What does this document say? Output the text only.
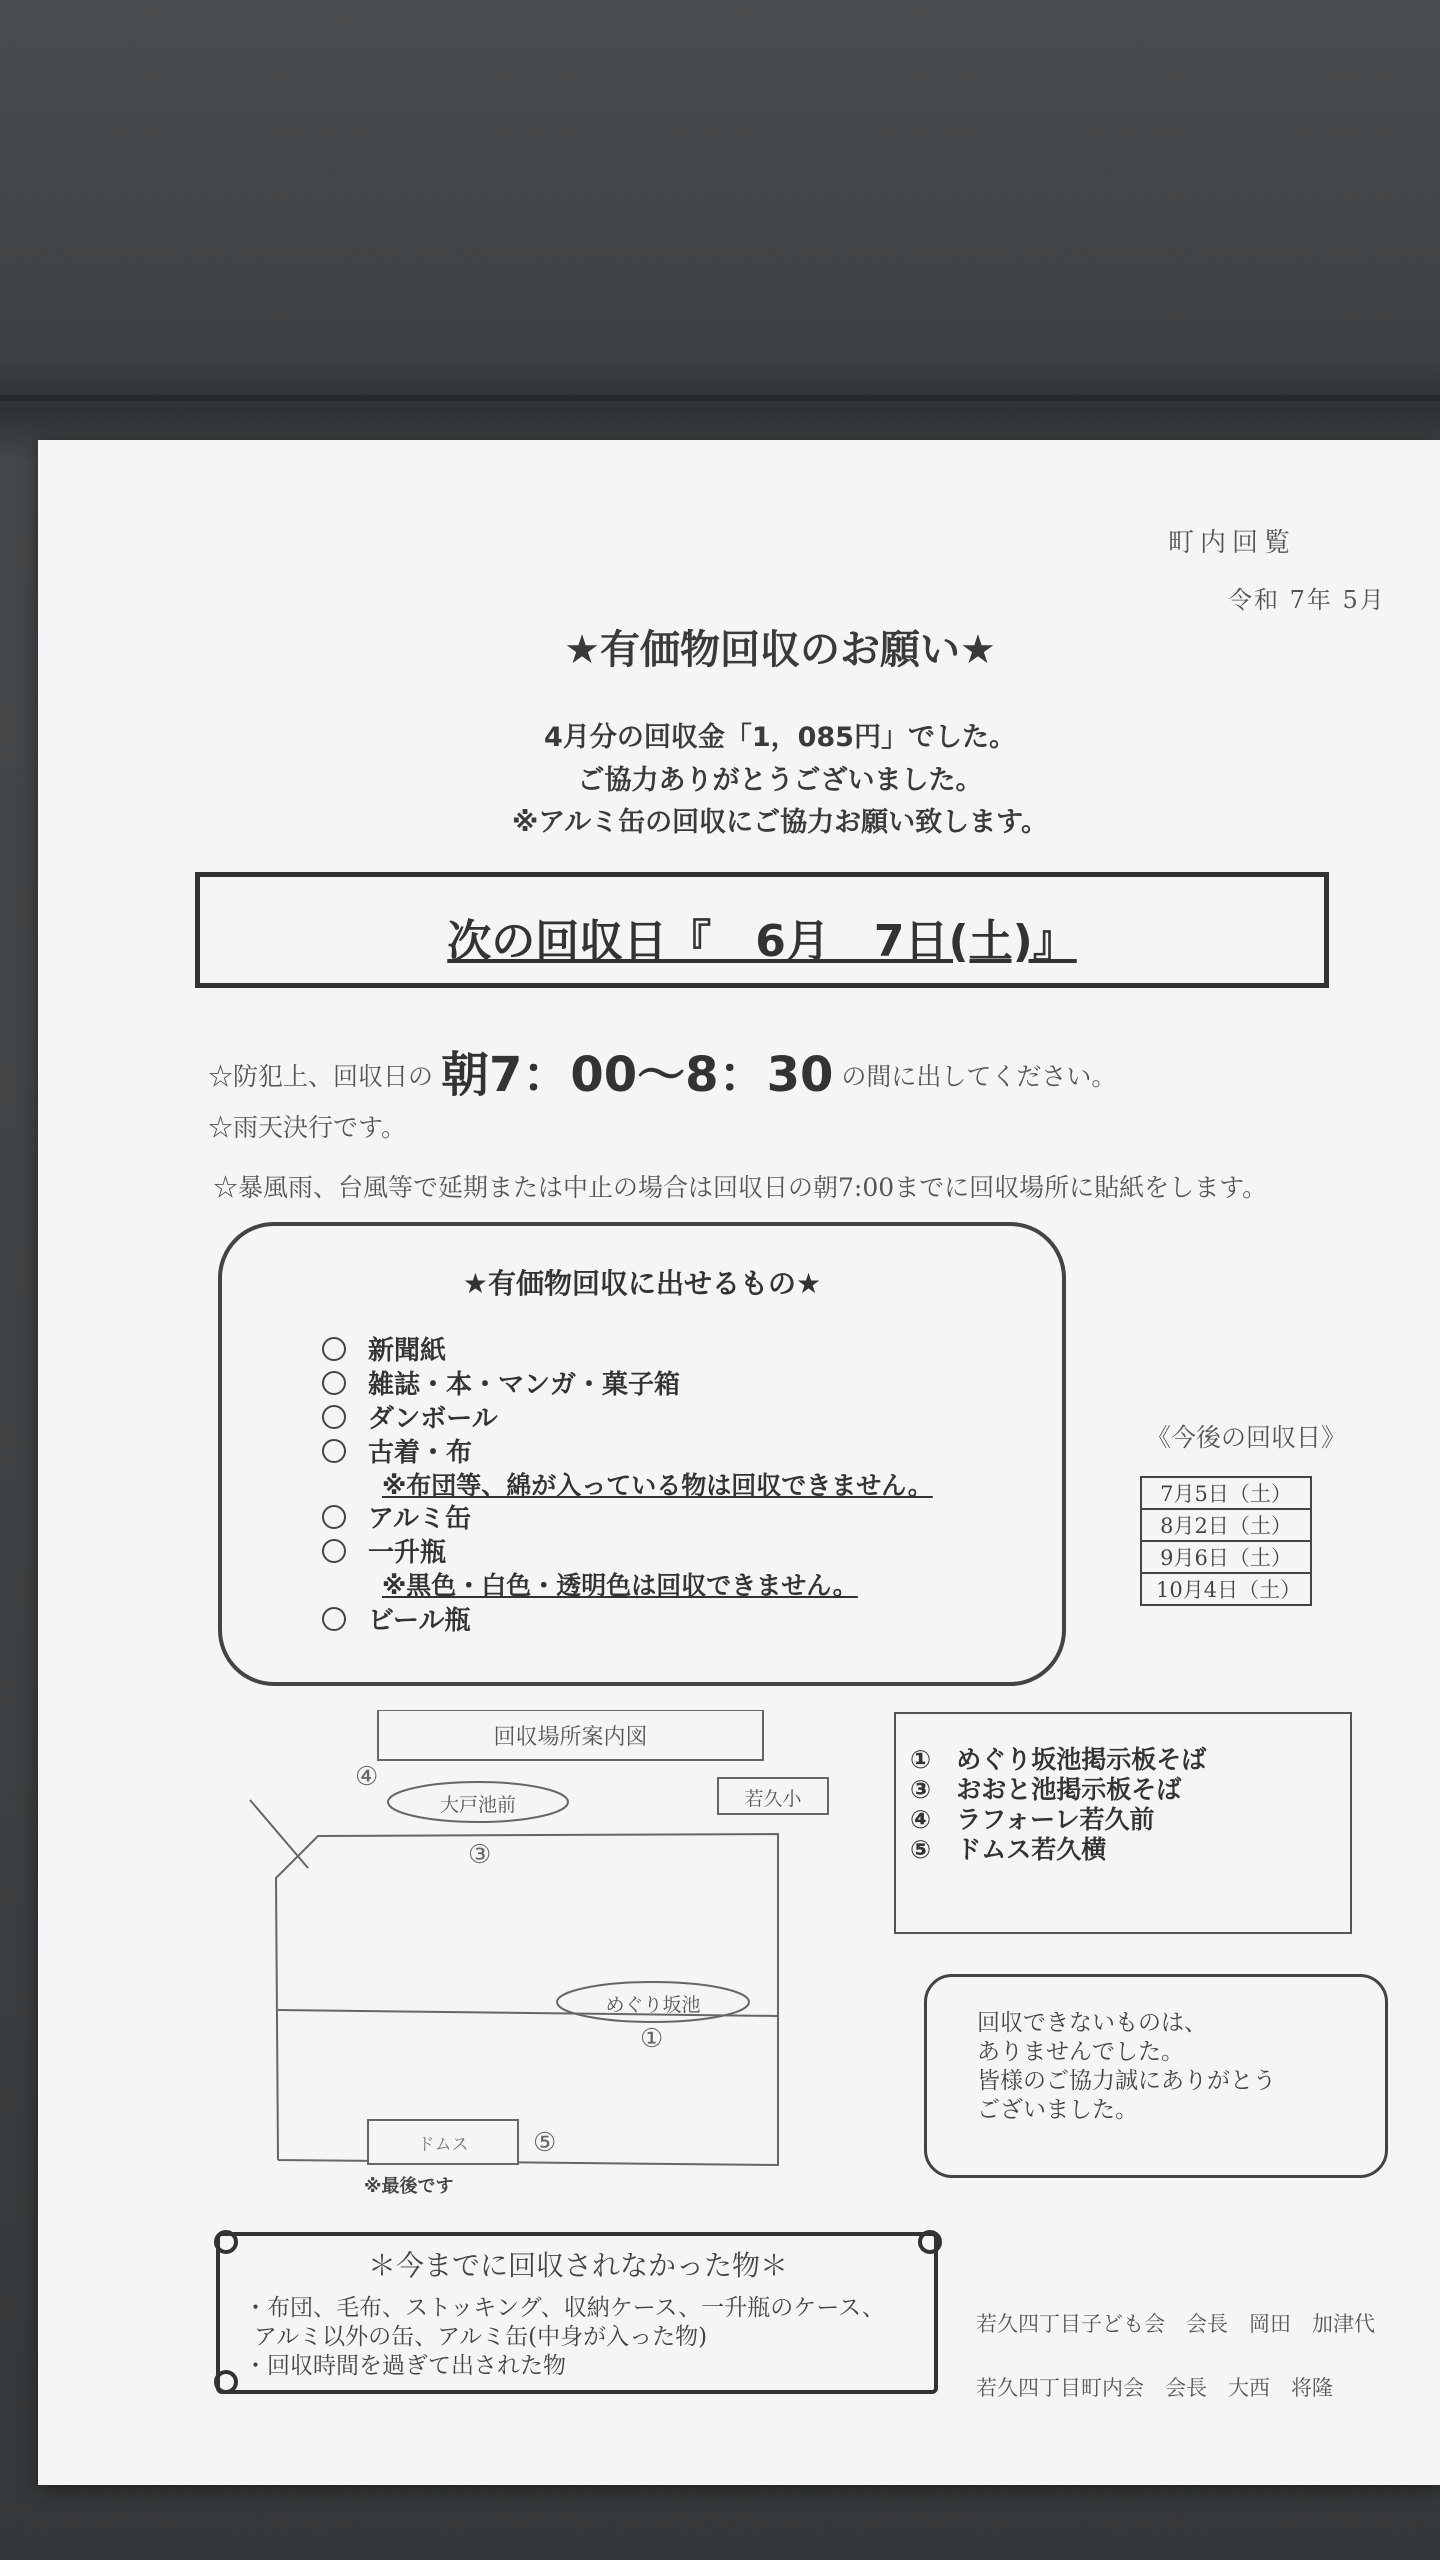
町内回覧
令和 7年 5月
★有価物回収のお願い★
4月分の回収金「1，085円」でした。
ご協力ありがとうございました。
※アルミ缶の回収にご協力お願い致します。
次の回収日『　6月　7日(土)』
☆防犯上、回収日の 朝7：00～8：30 の間に出してください。
☆雨天決行です。
☆暴風雨、台風等で延期または中止の場合は回収日の朝7:00までに回収場所に貼紙をします。
★有価物回収に出せるもの★
新聞紙
雑誌・本・マンガ・菓子箱
ダンボール
古着・布
※布団等、綿が入っている物は回収できません。
アルミ缶
一升瓶
※黒色・白色・透明色は回収できません。
ビール瓶
《今後の回収日》
7月5日（土）
8月2日（土）
9月6日（土）
10月4日（土）
回収場所案内図
若久小
大戸池前
めぐり坂池
ドムス
※最後です
④
③
①
⑤
①　 めぐり坂池掲示板そば
③　 おおと池掲示板そば
④　 ラフォーレ若久前
⑤　 ドムス若久横
回収できないものは、
ありませんでした。
皆様のご協力誠にありがとう
ございました。
＊今までに回収されなかった物＊
・布団、毛布、ストッキング、収納ケース、一升瓶のケース、
アルミ以外の缶、アルミ缶(中身が入った物)
・回収時間を過ぎて出された物
若久四丁目子ども会　会長　岡田　加津代
若久四丁目町内会　会長　大西　将隆
